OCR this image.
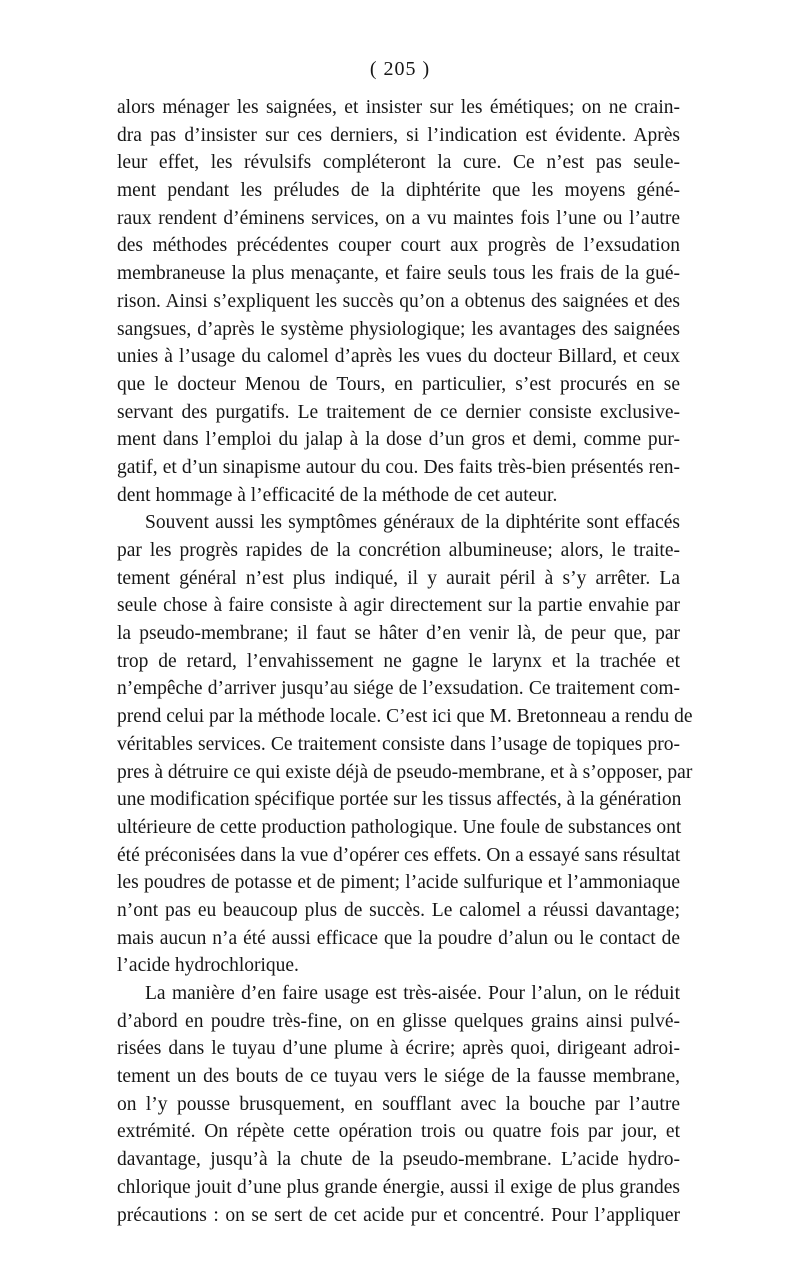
( 205 )
alors ménager les saignées, et insister sur les émétiques; on ne crain-
dra pas d’insister sur ces derniers, si l’indication est évidente. Après
leur effet, les révulsifs compléteront la cure. Ce n’est pas seule-
ment pendant les préludes de la diphtérite que les moyens géné-
raux rendent d’éminens services, on a vu maintes fois l’une ou l’autre
des méthodes précédentes couper court aux progrès de l’exsudation
membraneuse la plus menaçante, et faire seuls tous les frais de la gué-
rison. Ainsi s’expliquent les succès qu’on a obtenus des saignées et des
sangsues, d’après le système physiologique; les avantages des saignées
unies à l’usage du calomel d’après les vues du docteur Billard, et ceux
que le docteur Menou de Tours, en particulier, s’est procurés en se
servant des purgatifs. Le traitement de ce dernier consiste exclusive-
ment dans l’emploi du jalap à la dose d’un gros et demi, comme pur-
gatif, et d’un sinapisme autour du cou. Des faits très-bien présentés ren-
dent hommage à l’efficacité de la méthode de cet auteur.
Souvent aussi les symptômes généraux de la diphtérite sont effacés
par les progrès rapides de la concrétion albumineuse; alors, le traite-
tement général n’est plus indiqué, il y aurait péril à s’y arrêter. La
seule chose à faire consiste à agir directement sur la partie envahie par
la pseudo-membrane; il faut se hâter d’en venir là, de peur que, par
trop de retard, l’envahissement ne gagne le larynx et la trachée et
n’empêche d’arriver jusqu’au siége de l’exsudation. Ce traitement com-
prend celui par la méthode locale. C’est ici que M. Bretonneau a rendu de
véritables services. Ce traitement consiste dans l’usage de topiques pro-
pres à détruire ce qui existe déjà de pseudo-membrane, et à s’opposer, par
une modification spécifique portée sur les tissus affectés, à la génération
ultérieure de cette production pathologique. Une foule de substances ont
été préconisées dans la vue d’opérer ces effets. On a essayé sans résultat
les poudres de potasse et de piment; l’acide sulfurique et l’ammoniaque
n’ont pas eu beaucoup plus de succès. Le calomel a réussi davantage;
mais aucun n’a été aussi efficace que la poudre d’alun ou le contact de
l’acide hydrochlorique.
La manière d’en faire usage est très-aisée. Pour l’alun, on le réduit
d’abord en poudre très-fine, on en glisse quelques grains ainsi pulvé-
risées dans le tuyau d’une plume à écrire; après quoi, dirigeant adroi-
tement un des bouts de ce tuyau vers le siége de la fausse membrane,
on l’y pousse brusquement, en soufflant avec la bouche par l’autre
extrémité. On répète cette opération trois ou quatre fois par jour, et
davantage, jusqu’à la chute de la pseudo-membrane. L’acide hydro-
chlorique jouit d’une plus grande énergie, aussi il exige de plus grandes
précautions : on se sert de cet acide pur et concentré. Pour l’appliquer
